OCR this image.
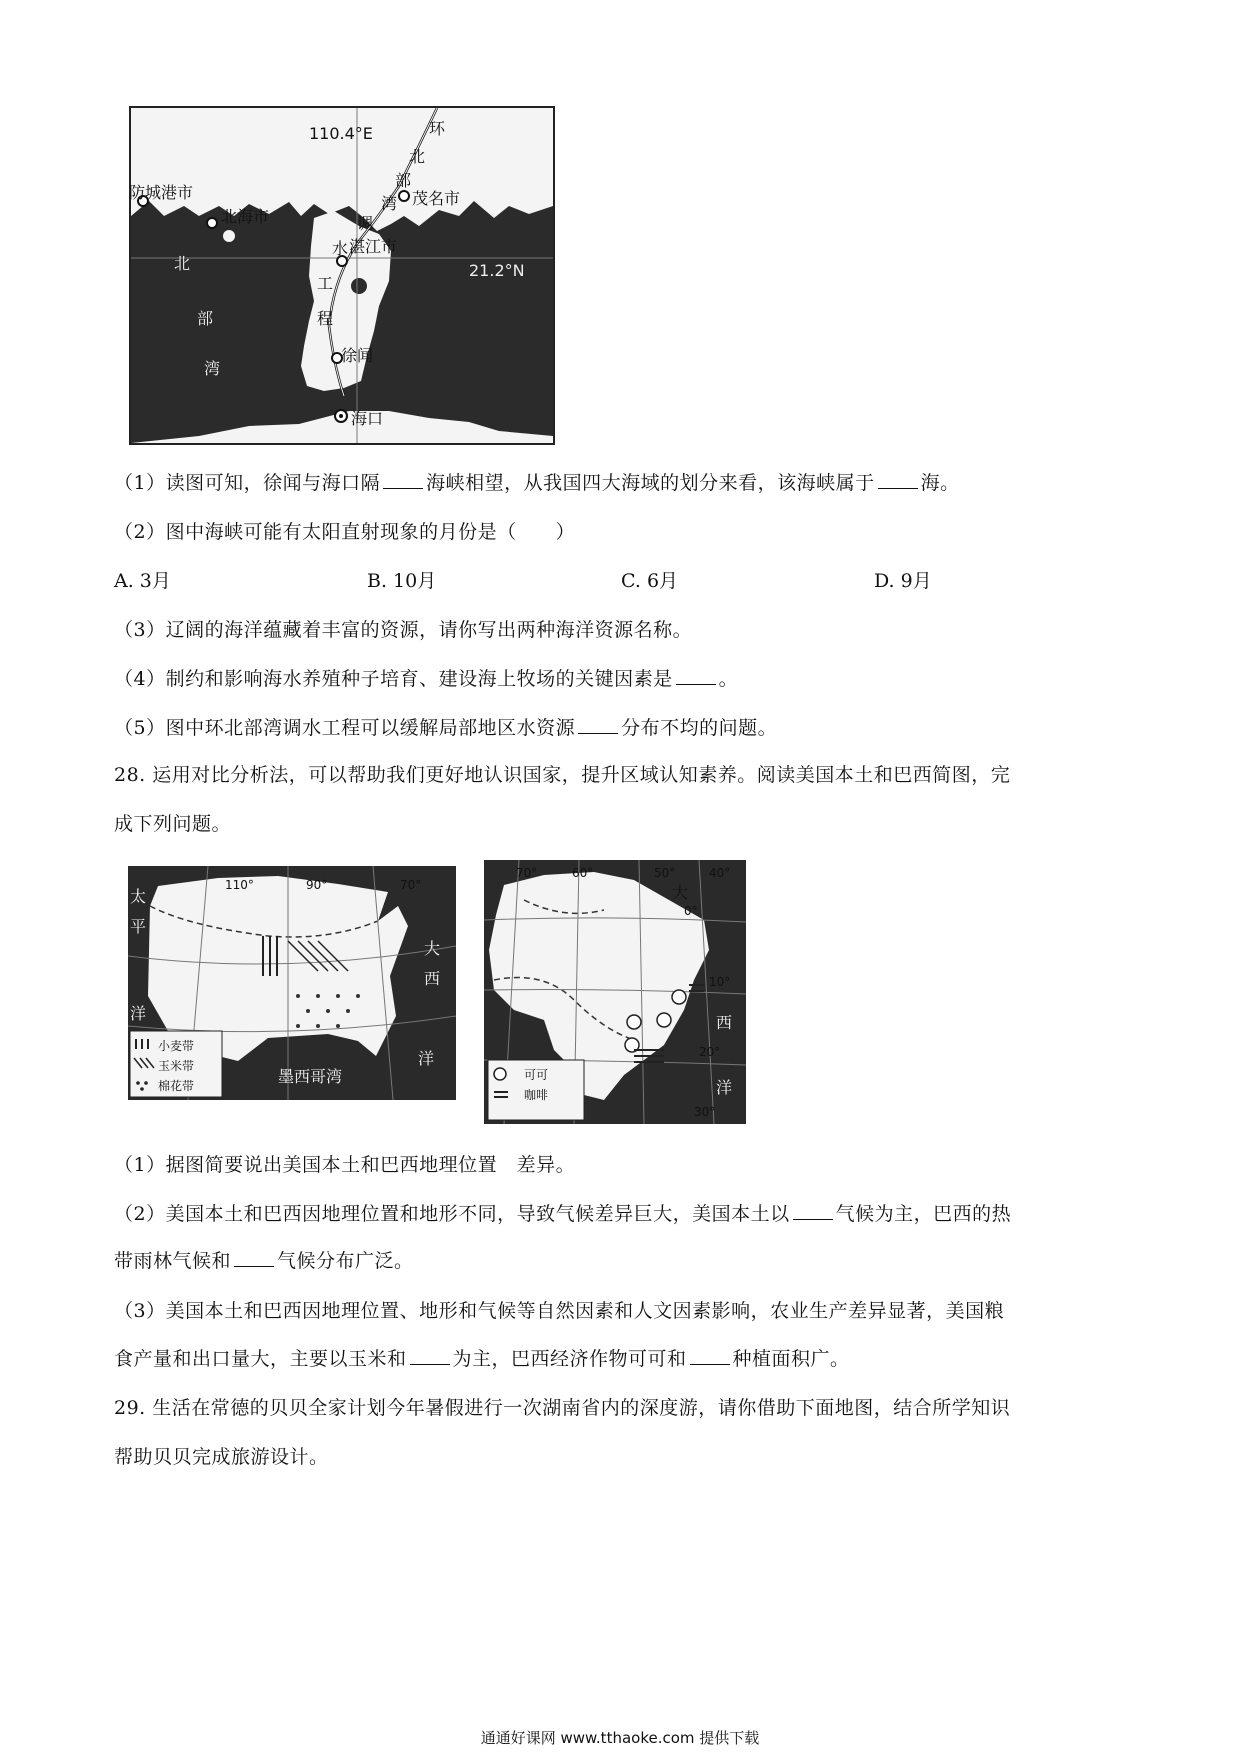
110.4°E
21.2°N
防城港市
北海市
茂名市
湛江市
徐闻
海口
北
部
湾
环
北
部
湾
调
水
工
程
（1）读图可知，徐闻与海口隔 海峡相望，从我国四大海域的划分来看，该海峡属于 海。
（2）图中海峡可能有太阳直射现象的月份是（　　）
A. 3月	B. 10月	C. 6月	D. 9月
（3）辽阔的海洋蕴藏着丰富的资源，请你写出两种海洋资源名称。
（4）制约和影响海水养殖种子培育、建设海上牧场的关键因素是 。
（5）图中环北部湾调水工程可以缓解局部地区水资源 分布不均的问题。
28. 运用对比分析法，可以帮助我们更好地认识国家，提升区域认知素养。阅读美国本土和巴西简图，完
成下列问题。
太
平
洋
大
西
洋
110°	90°	70°
墨西哥湾
小麦带
玉米带
棉花带
70°	60°	50°	40°
0°
10°
20°
30°
大
西
洋
可可
咖啡
（1）据图简要说出美国本土和巴西地理位置　差异。
（2）美国本土和巴西因地理位置和地形不同，导致气候差异巨大，美国本土以 气候为主，巴西的热
带雨林气候和 气候分布广泛。
（3）美国本土和巴西因地理位置、地形和气候等自然因素和人文因素影响，农业生产差异显著，美国粮
食产量和出口量大，主要以玉米和 为主，巴西经济作物可可和 种植面积广。
29. 生活在常德的贝贝全家计划今年暑假进行一次湖南省内的深度游，请你借助下面地图，结合所学知识
帮助贝贝完成旅游设计。
通通好课网 www.tthaoke.com 提供下载
